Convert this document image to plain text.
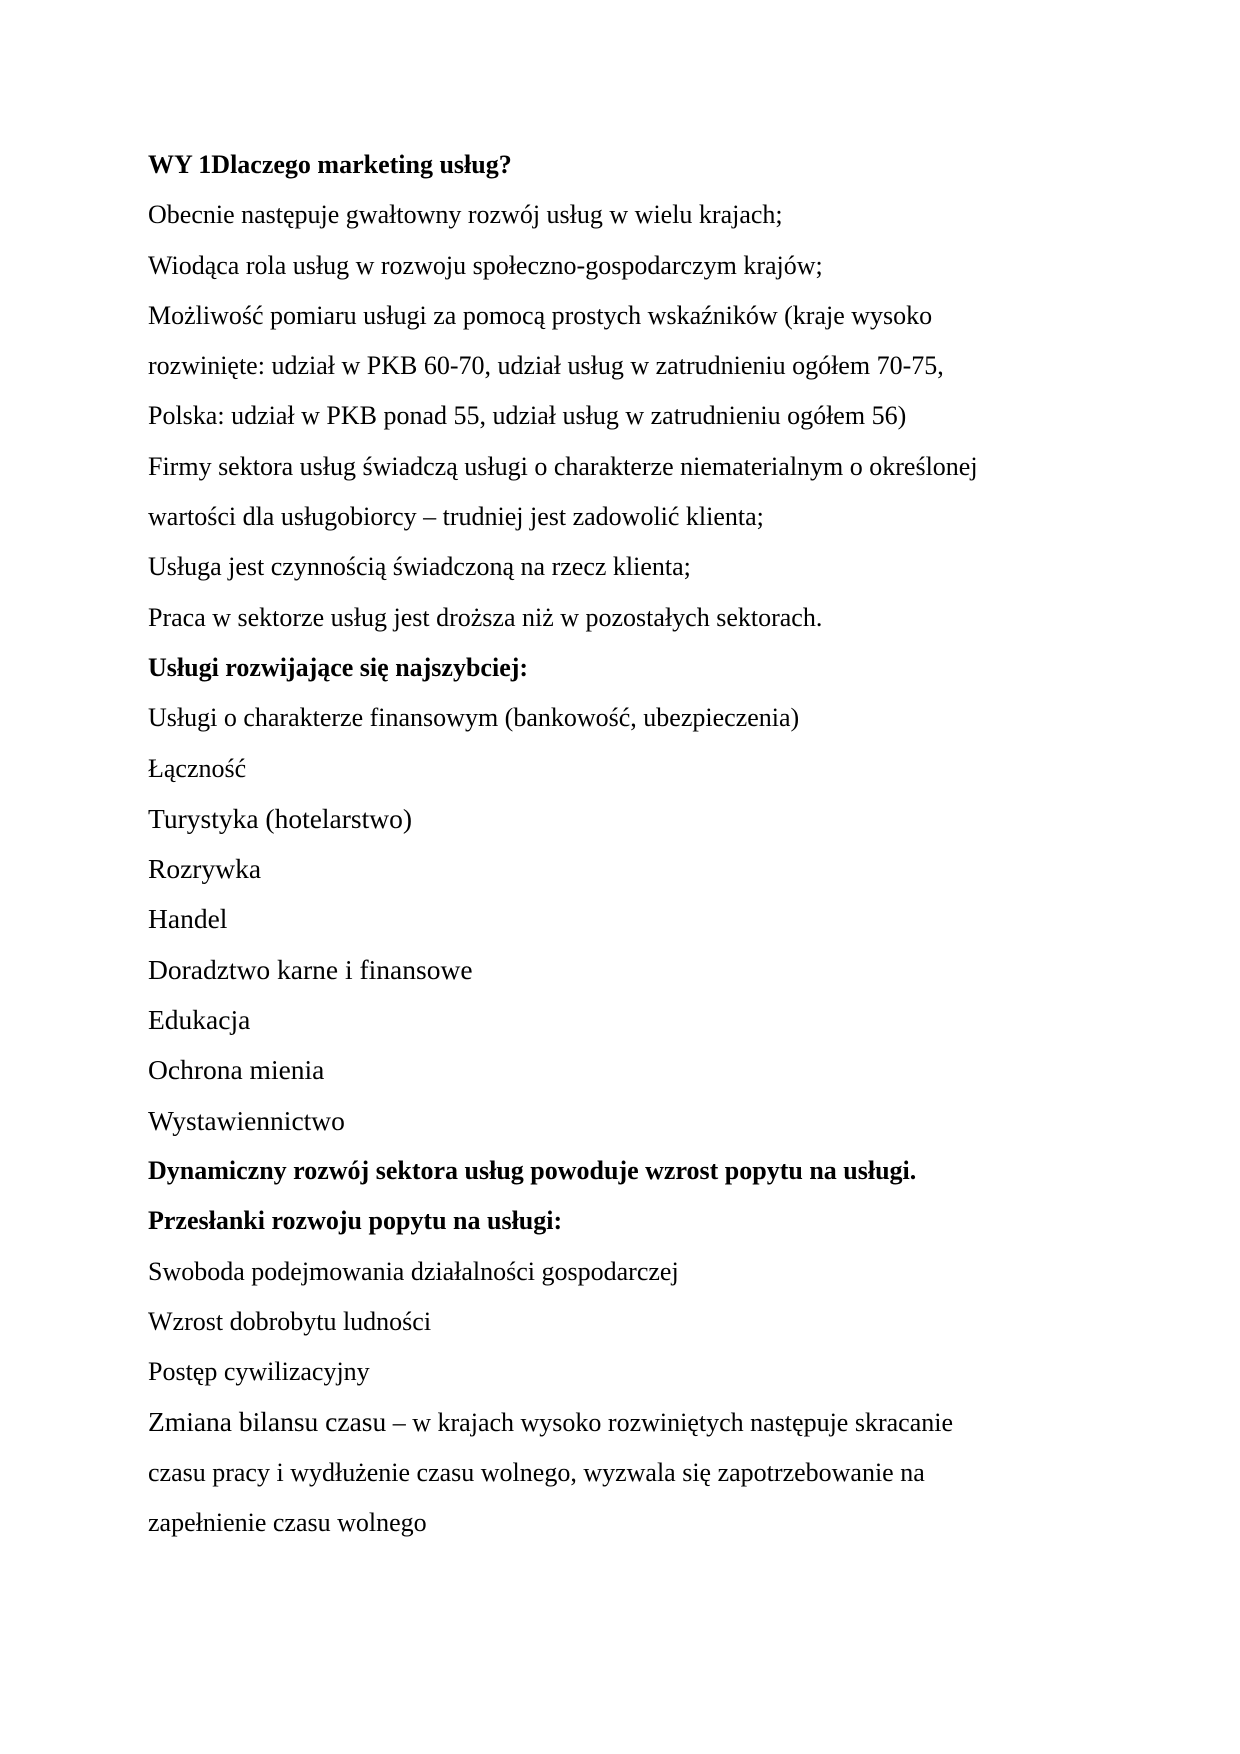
WY 1Dlaczego marketing usług?
Obecnie następuje gwałtowny rozwój usług w wielu krajach;
Wiodąca rola usług w rozwoju społeczno-gospodarczym krajów;
Możliwość pomiaru usługi za pomocą prostych wskaźników (kraje wysoko
rozwinięte: udział w PKB 60-70, udział usług w zatrudnieniu ogółem 70-75,
Polska: udział w PKB ponad 55, udział usług w zatrudnieniu ogółem 56)
Firmy sektora usług świadczą usługi o charakterze niematerialnym o określonej
wartości dla usługobiorcy – trudniej jest zadowolić klienta;
Usługa jest czynnością świadczoną na rzecz klienta;
Praca w sektorze usług jest droższa niż w pozostałych sektorach.
Usługi rozwijające się najszybciej:
Usługi o charakterze finansowym (bankowość, ubezpieczenia)
Łączność
Turystyka (hotelarstwo)
Rozrywka
Handel
Doradztwo karne i finansowe
Edukacja
Ochrona mienia
Wystawiennictwo
Dynamiczny rozwój sektora usług powoduje wzrost popytu na usługi.
Przesłanki rozwoju popytu na usługi:
Swoboda podejmowania działalności gospodarczej
Wzrost dobrobytu ludności
Postęp cywilizacyjny
Zmiana bilansu czasu – w krajach wysoko rozwiniętych następuje skracanie
czasu pracy i wydłużenie czasu wolnego, wyzwala się zapotrzebowanie na
zapełnienie czasu wolnego
